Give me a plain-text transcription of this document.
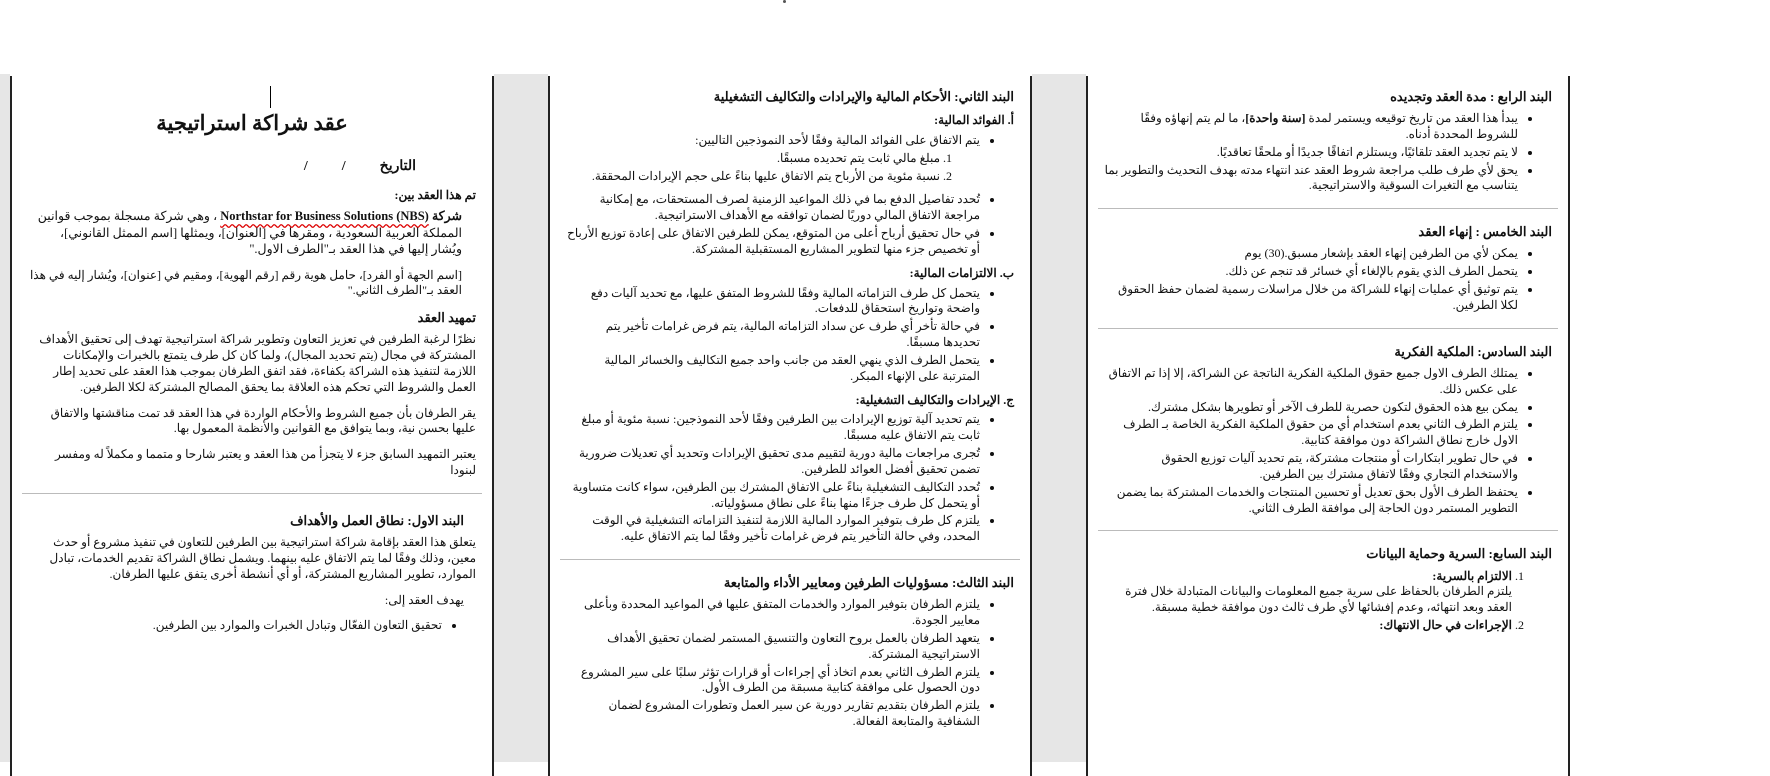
عقد شراكة استراتيجية
التاريخ//
تم هذا العقد بين:

شركة Northstar for Business Solutions (NBS) ، وهي شركة مسجلة بموجب قوانين المملكة العربية السعودية ، ومقرها في [العنوان]، ويمثلها [اسم الممثل القانوني]، ويُشار إليها في هذا العقد بـ"الطرف الاول."

[اسم الجهة أو الفرد]، حامل هوية رقم [رقم الهوية]، ومقيم في [عنوان]، ويُشار إليه في هذا العقد بـ"الطرف الثاني."

تمهيد العقد

نظرًا لرغبة الطرفين في تعزيز التعاون وتطوير شراكة استراتيجية تهدف إلى تحقيق الأهداف المشتركة في مجال (يتم تحديد المجال)، ولما كان كل طرف يتمتع بالخبرات والإمكانات اللازمة لتنفيذ هذه الشراكة بكفاءة، فقد اتفق الطرفان بموجب هذا العقد على تحديد إطار العمل والشروط التي تحكم هذه العلاقة بما يحقق المصالح المشتركة لكلا الطرفين.

يقر الطرفان بأن جميع الشروط والأحكام الواردة في هذا العقد قد تمت مناقشتها والاتفاق عليها بحسن نية، وبما يتوافق مع القوانين والأنظمة المعمول بها.

يعتبر التمهيد السابق جزء لا يتجزأ من هذا العقد و يعتبر شارحا و متمما و مكملاً له ومفسر لبنودا

البند الاول: نطاق العمل والأهداف

يتعلق هذا العقد بإقامة شراكة استراتيجية بين الطرفين للتعاون في تنفيذ مشروع أو حدث معين، وذلك وفقًا لما يتم الاتفاق عليه بينهما. ويشمل نطاق الشراكة تقديم الخدمات، تبادل الموارد، تطوير المشاريع المشتركة، أو أي أنشطة أخرى يتفق عليها الطرفان.

يهدف العقد إلى:

• تحقيق التعاون الفعّال وتبادل الخبرات والموارد بين الطرفين.
البند الثاني: الأحكام المالية والإيرادات والتكاليف التشغيلية
أ. الفوائد المالية:
• يتم الاتفاق على الفوائد المالية وفقًا لأحد النموذجين التاليين:
1. مبلغ مالي ثابت يتم تحديده مسبقًا.
2. نسبة مئوية من الأرباح يتم الاتفاق عليها بناءً على حجم الإيرادات المحققة.
• تُحدد تفاصيل الدفع بما في ذلك المواعيد الزمنية لصرف المستحقات، مع إمكانية مراجعة الاتفاق المالي دوريًا لضمان توافقه مع الأهداف الاستراتيجية.
• في حال تحقيق أرباح أعلى من المتوقع، يمكن للطرفين الاتفاق على إعادة توزيع الأرباح أو تخصيص جزء منها لتطوير المشاريع المستقبلية المشتركة.
ب. الالتزامات المالية:
• يتحمل كل طرف التزاماته المالية وفقًا للشروط المتفق عليها، مع تحديد آليات دفع واضحة وتواريخ استحقاق للدفعات.
• في حالة تأخر أي طرف عن سداد التزاماته المالية، يتم فرض غرامات تأخير يتم تحديدها مسبقًا.
• يتحمل الطرف الذي ينهي العقد من جانب واحد جميع التكاليف والخسائر المالية المترتبة على الإنهاء المبكر.
ج. الإيرادات والتكاليف التشغيلية:
• يتم تحديد آلية توزيع الإيرادات بين الطرفين وفقًا لأحد النموذجين: نسبة مئوية أو مبلغ ثابت يتم الاتفاق عليه مسبقًا.
• تُجرى مراجعات مالية دورية لتقييم مدى تحقيق الإيرادات وتحديد أي تعديلات ضرورية تضمن تحقيق أفضل العوائد للطرفين.
• تُحدد التكاليف التشغيلية بناءً على الاتفاق المشترك بين الطرفين، سواء كانت متساوية أو يتحمل كل طرف جزءًا منها بناءً على نطاق مسؤولياته.
• يلتزم كل طرف بتوفير الموارد المالية اللازمة لتنفيذ التزاماته التشغيلية في الوقت المحدد، وفي حالة التأخير يتم فرض غرامات تأخير وفقًا لما يتم الاتفاق عليه.
البند الثالث: مسؤوليات الطرفين ومعايير الأداء والمتابعة
• يلتزم الطرفان بتوفير الموارد والخدمات المتفق عليها في المواعيد المحددة وبأعلى معايير الجودة.
• يتعهد الطرفان بالعمل بروح التعاون والتنسيق المستمر لضمان تحقيق الأهداف الاستراتيجية المشتركة.
• يلتزم الطرف الثاني بعدم اتخاذ أي إجراءات أو قرارات تؤثر سلبًا على سير المشروع دون الحصول على موافقة كتابية مسبقة من الطرف الأول.
• يلتزم الطرفان بتقديم تقارير دورية عن سير العمل وتطورات المشروع لضمان الشفافية والمتابعة الفعالة.
البند الرابع : مدة العقد وتجديده
• يبدأ هذا العقد من تاريخ توقيعه ويستمر لمدة [سنة واحدة]، ما لم يتم إنهاؤه وفقًا للشروط المحددة أدناه.
• لا يتم تجديد العقد تلقائيًا، ويستلزم اتفاقًا جديدًا أو ملحقًا تعاقديًا.
• يحق لأي طرف طلب مراجعة شروط العقد عند انتهاء مدته بهدف التحديث والتطوير بما يتناسب مع التغيرات السوقية والاستراتيجية.
البند الخامس : إنهاء العقد
• يمكن لأي من الطرفين إنهاء العقد بإشعار مسبق.(30) يوم
• يتحمل الطرف الذي يقوم بالإلغاء أي خسائر قد تنجم عن ذلك.
• يتم توثيق أي عمليات إنهاء للشراكة من خلال مراسلات رسمية لضمان حفظ الحقوق لكلا الطرفين.
البند السادس: الملكية الفكرية
• يمتلك الطرف الاول جميع حقوق الملكية الفكرية الناتجة عن الشراكة، إلا إذا تم الاتفاق على عكس ذلك.
• يمكن بيع هذه الحقوق لتكون حصرية للطرف الآخر أو تطويرها بشكل مشترك.
• يلتزم الطرف الثاني بعدم استخدام أي من حقوق الملكية الفكرية الخاصة بـ الطرف الاول خارج نطاق الشراكة دون موافقة كتابية.
• في حال تطوير ابتكارات أو منتجات مشتركة، يتم تحديد آليات توزيع الحقوق والاستخدام التجاري وفقًا لاتفاق مشترك بين الطرفين.
• يحتفظ الطرف الأول بحق تعديل أو تحسين المنتجات والخدمات المشتركة بما يضمن التطوير المستمر دون الحاجة إلى موافقة الطرف الثاني.
البند السابع: السرية وحماية البيانات
1. الالتزام بالسرية:
يلتزم الطرفان بالحفاظ على سرية جميع المعلومات والبيانات المتبادلة خلال فترة العقد وبعد انتهائه، وعدم إفشائها لأي طرف ثالث دون موافقة خطية مسبقة.
2. الإجراءات في حال الانتهاك:
